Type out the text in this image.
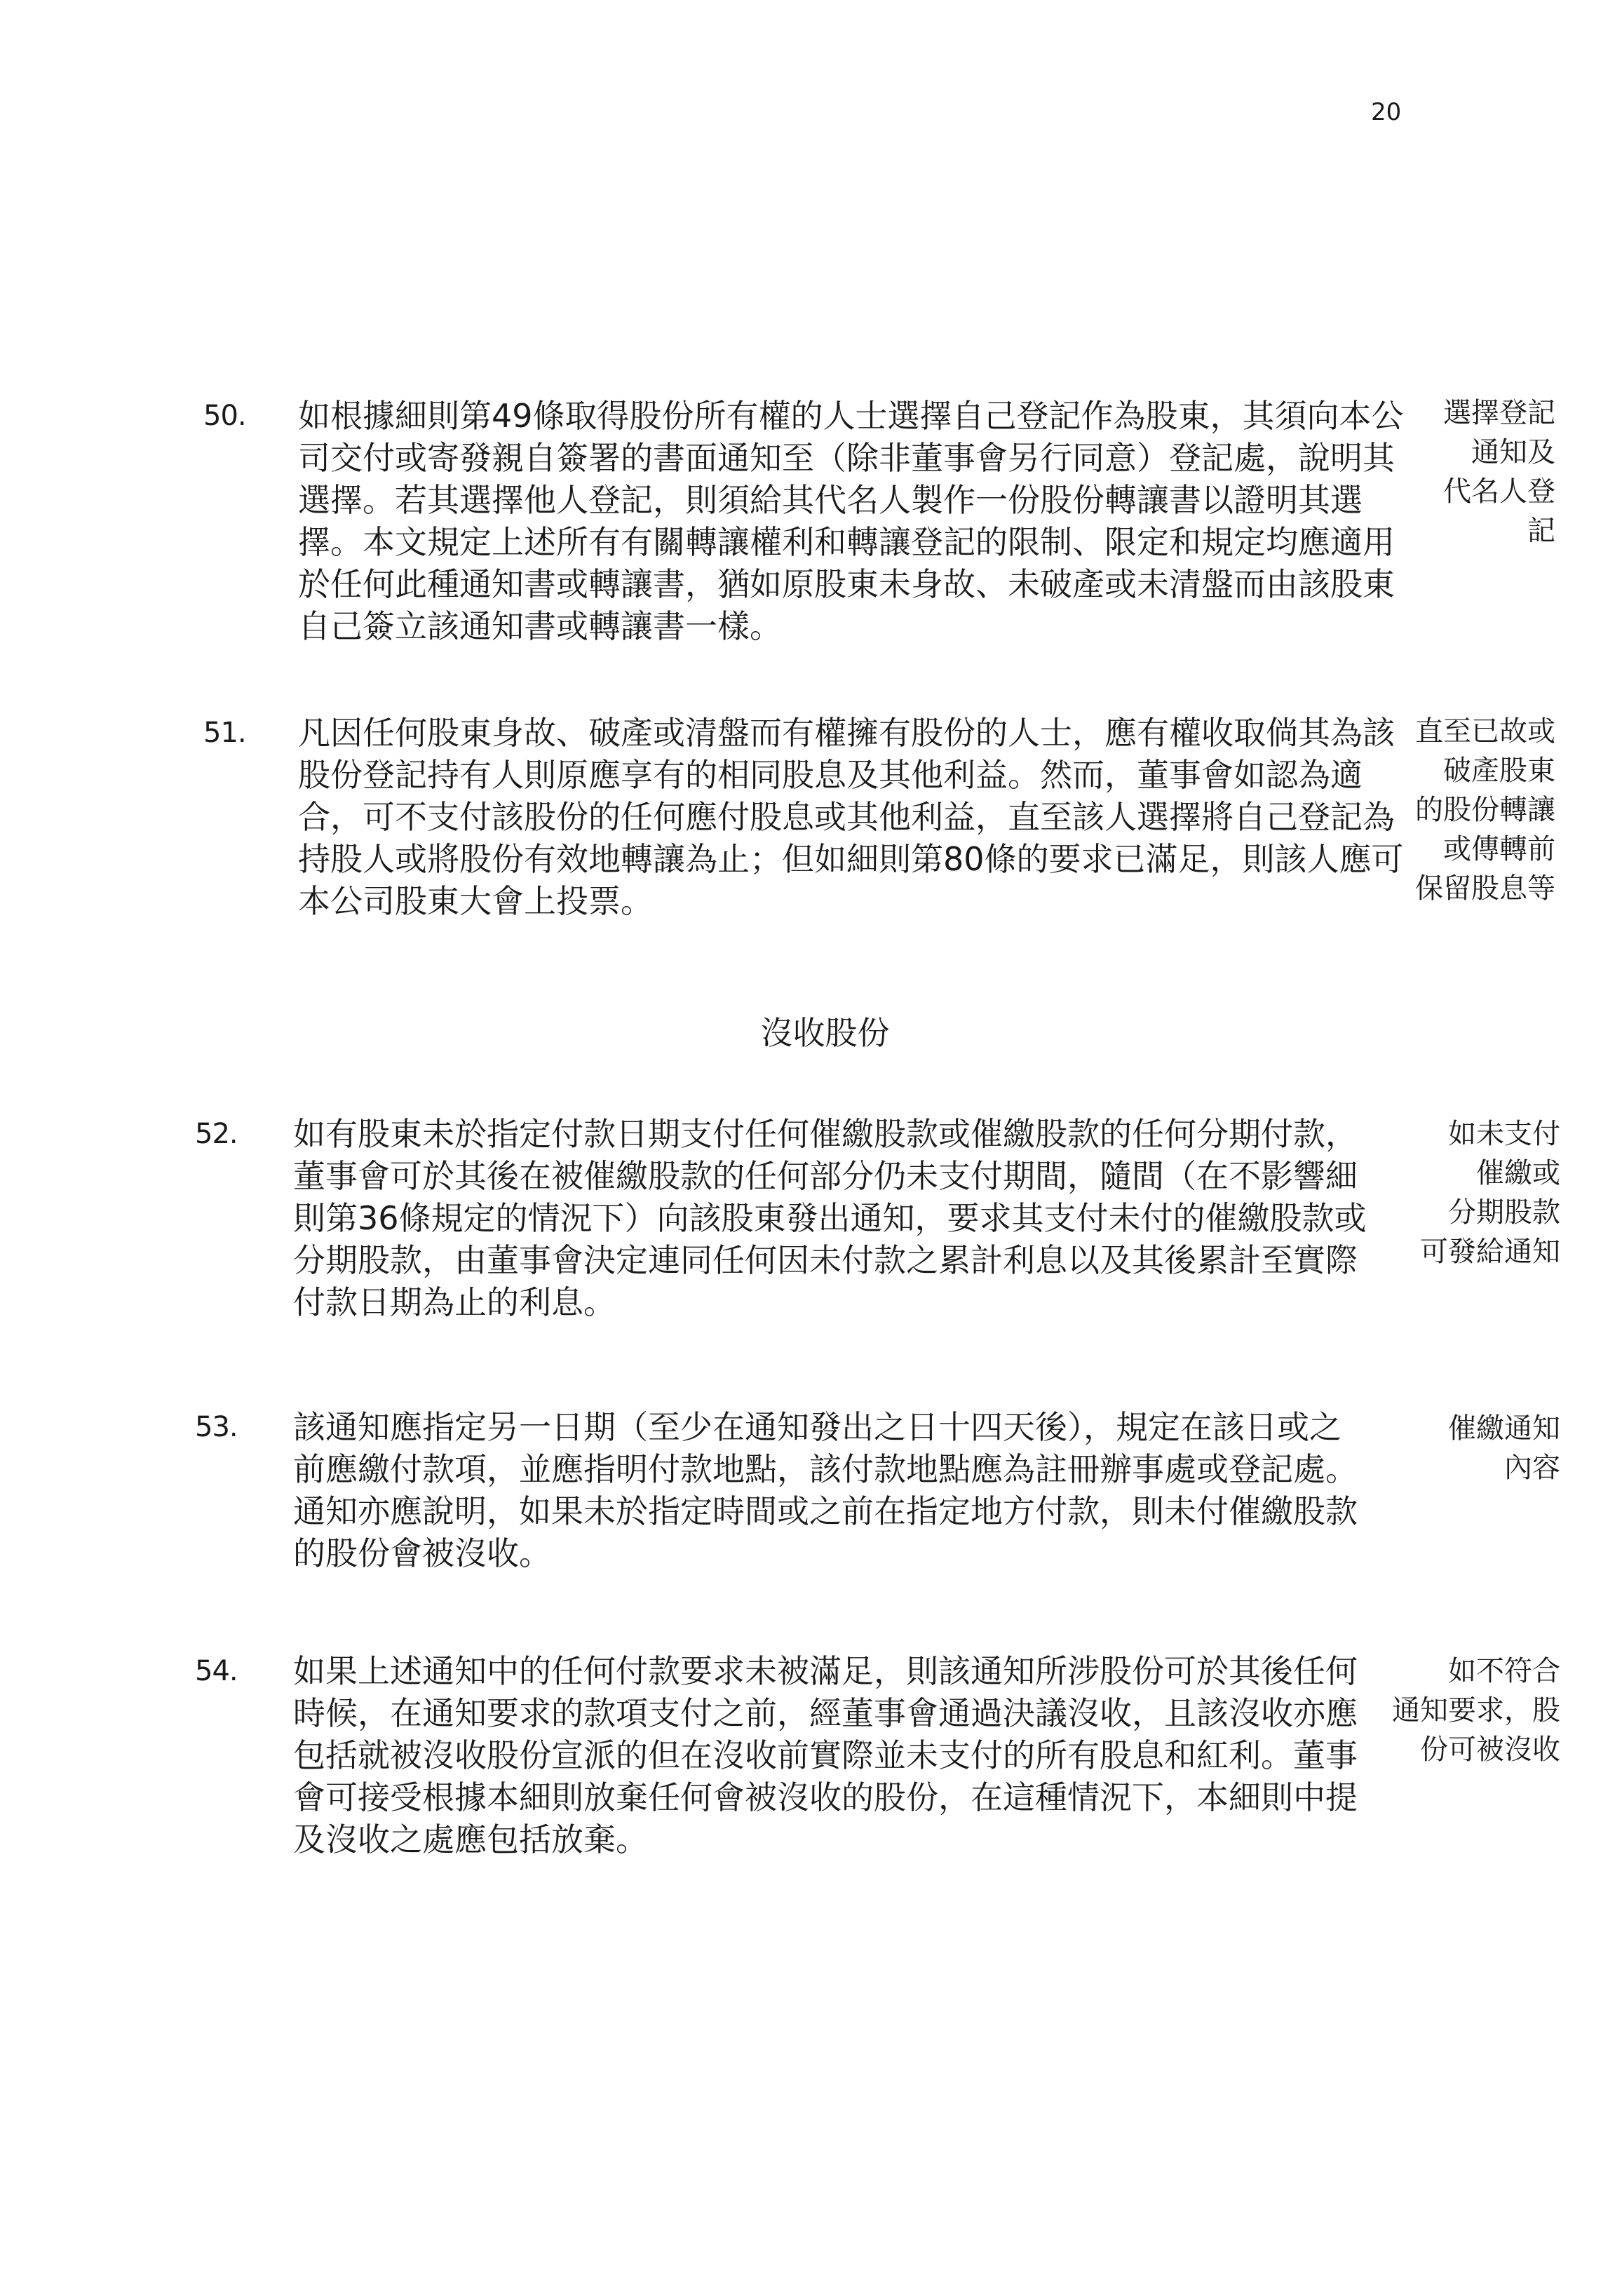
20
50. 如根據細則第49條取得股份所有權的人士選擇自己登記作為股東，其須向本公
司交付或寄發親自簽署的書面通知至（除非董事會另行同意）登記處，說明其
選擇。若其選擇他人登記，則須給其代名人製作一份股份轉讓書以證明其選
擇。本文規定上述所有有關轉讓權利和轉讓登記的限制、限定和規定均應適用
於任何此種通知書或轉讓書，猶如原股東未身故、未破產或未清盤而由該股東
自己簽立該通知書或轉讓書一樣。
選擇登記
通知及
代名人登
記
51. 凡因任何股東身故、破產或清盤而有權擁有股份的人士，應有權收取倘其為該
股份登記持有人則原應享有的相同股息及其他利益。然而，董事會如認為適
合，可不支付該股份的任何應付股息或其他利益，直至該人選擇將自己登記為
持股人或將股份有效地轉讓為止；但如細則第80條的要求已滿足，則該人應可
本公司股東大會上投票。
直至已故或
破產股東
的股份轉讓
或傳轉前
保留股息等
沒收股份
52. 如有股東未於指定付款日期支付任何催繳股款或催繳股款的任何分期付款，
董事會可於其後在被催繳股款的任何部分仍未支付期間，隨間（在不影響細
則第36條規定的情況下）向該股東發出通知，要求其支付未付的催繳股款或
分期股款，由董事會決定連同任何因未付款之累計利息以及其後累計至實際
付款日期為止的利息。
如未支付
催繳或
分期股款
可發給通知
53. 該通知應指定另一日期（至少在通知發出之日十四天後），規定在該日或之
前應繳付款項，並應指明付款地點，該付款地點應為註冊辦事處或登記處。
通知亦應說明，如果未於指定時間或之前在指定地方付款，則未付催繳股款
的股份會被沒收。
催繳通知
內容
54. 如果上述通知中的任何付款要求未被滿足，則該通知所涉股份可於其後任何
時候，在通知要求的款項支付之前，經董事會通過決議沒收，且該沒收亦應
包括就被沒收股份宣派的但在沒收前實際並未支付的所有股息和紅利。董事
會可接受根據本細則放棄任何會被沒收的股份，在這種情況下，本細則中提
及沒收之處應包括放棄。
如不符合
通知要求，股
份可被沒收
